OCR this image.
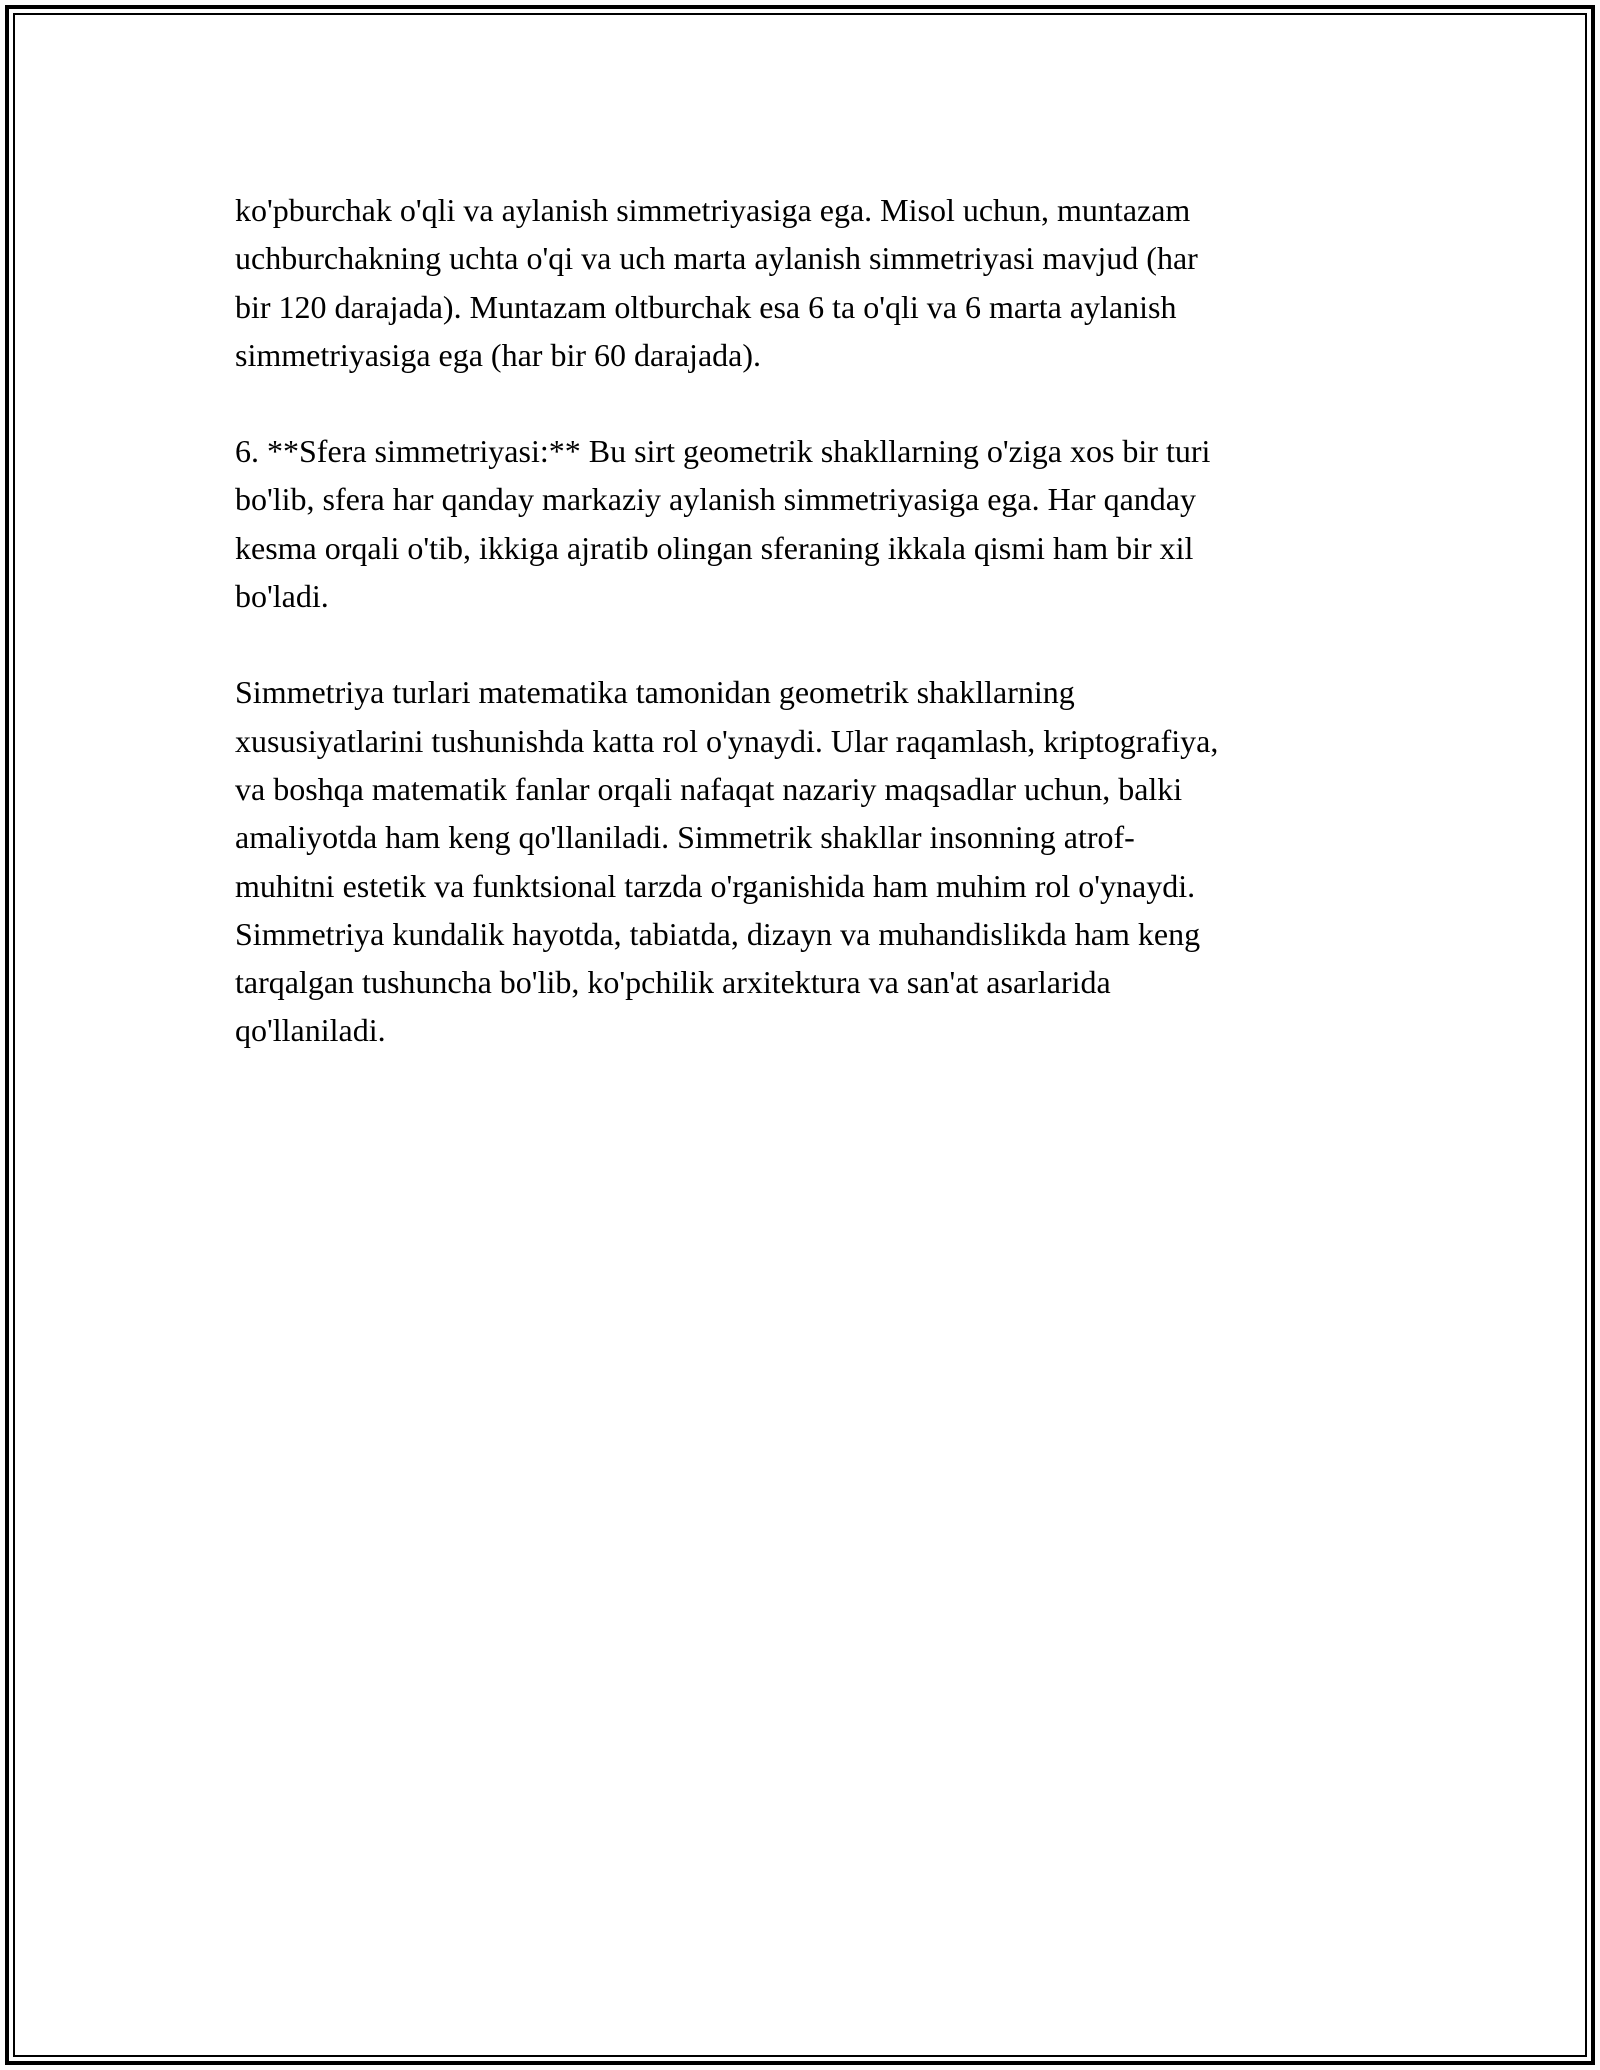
ko'pburchak o'qli va aylanish simmetriyasiga ega. Misol uchun, muntazam
uchburchakning uchta o'qi va uch marta aylanish simmetriyasi mavjud (har
bir 120 darajada). Muntazam oltburchak esa 6 ta o'qli va 6 marta aylanish
simmetriyasiga ega (har bir 60 darajada).

6. **Sfera simmetriyasi:** Bu sirt geometrik shakllarning o'ziga xos bir turi
bo'lib, sfera har qanday markaziy aylanish simmetriyasiga ega. Har qanday
kesma orqali o'tib, ikkiga ajratib olingan sferaning ikkala qismi ham bir xil
bo'ladi.

Simmetriya turlari matematika tamonidan geometrik shakllarning
xususiyatlarini tushunishda katta rol o'ynaydi. Ular raqamlash, kriptografiya,
va boshqa matematik fanlar orqali nafaqat nazariy maqsadlar uchun, balki
amaliyotda ham keng qo'llaniladi. Simmetrik shakllar insonning atrof-
muhitni estetik va funktsional tarzda o'rganishida ham muhim rol o'ynaydi.
Simmetriya kundalik hayotda, tabiatda, dizayn va muhandislikda ham keng
tarqalgan tushuncha bo'lib, ko'pchilik arxitektura va san'at asarlarida
qo'llaniladi.
